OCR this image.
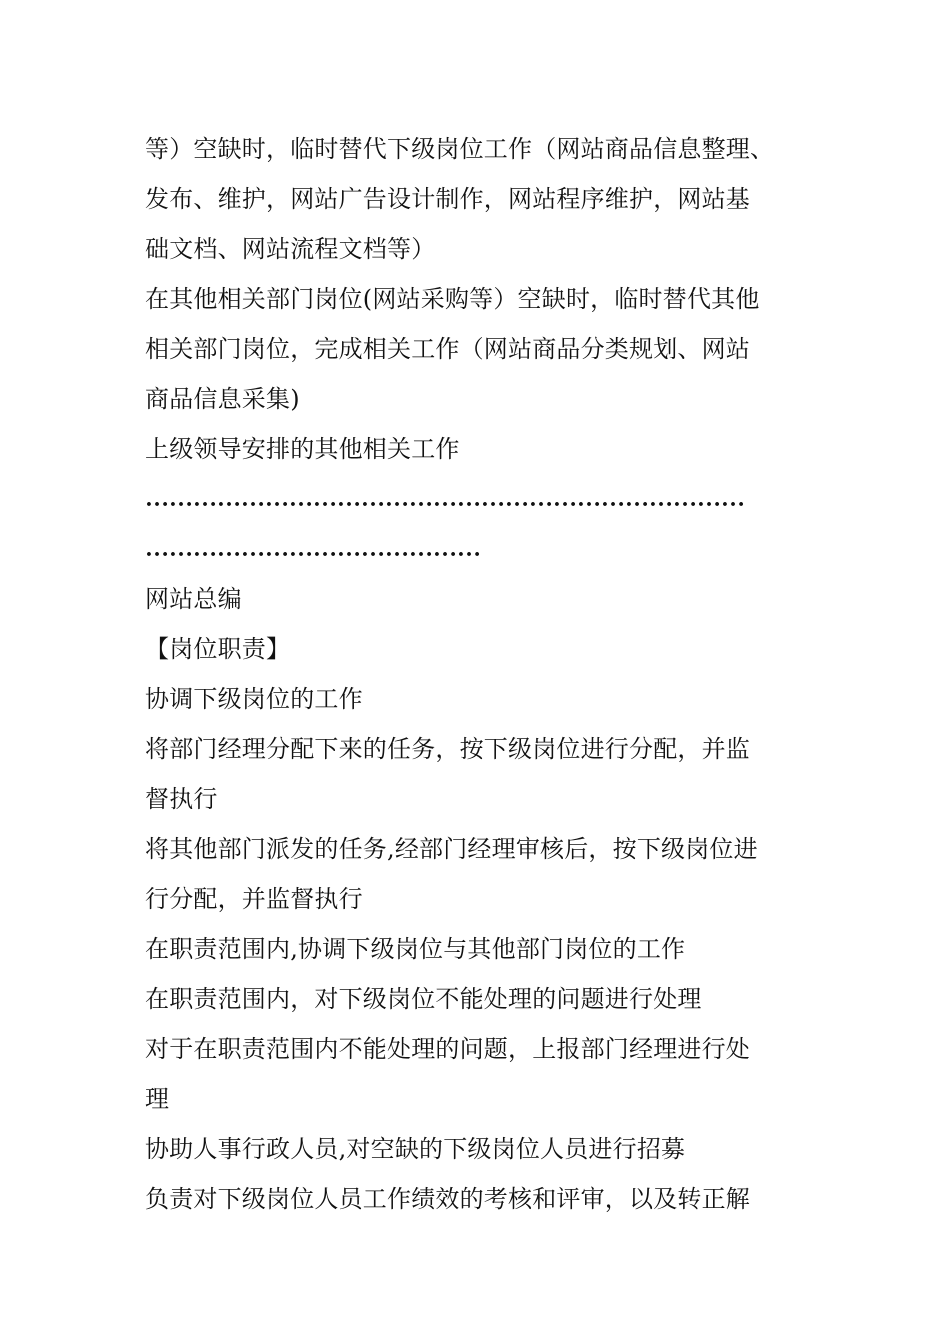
等）空缺时，临时替代下级岗位工作（网站商品信息整理、
发布、维护，网站广告设计制作，网站程序维护，网站基
础文档、网站流程文档等）
在其他相关部门岗位(网站采购等）空缺时，临时替代其他
相关部门岗位，完成相关工作（网站商品分类规划、网站
商品信息采集)
上级领导安排的其他相关工作
…………………………………………………………………
……………………………………
网站总编
【岗位职责】
协调下级岗位的工作
将部门经理分配下来的任务，按下级岗位进行分配，并监
督执行
将其他部门派发的任务,经部门经理审核后，按下级岗位进
行分配，并监督执行
在职责范围内,协调下级岗位与其他部门岗位的工作
在职责范围内，对下级岗位不能处理的问题进行处理
对于在职责范围内不能处理的问题，上报部门经理进行处
理
协助人事行政人员,对空缺的下级岗位人员进行招募
负责对下级岗位人员工作绩效的考核和评审，以及转正解
